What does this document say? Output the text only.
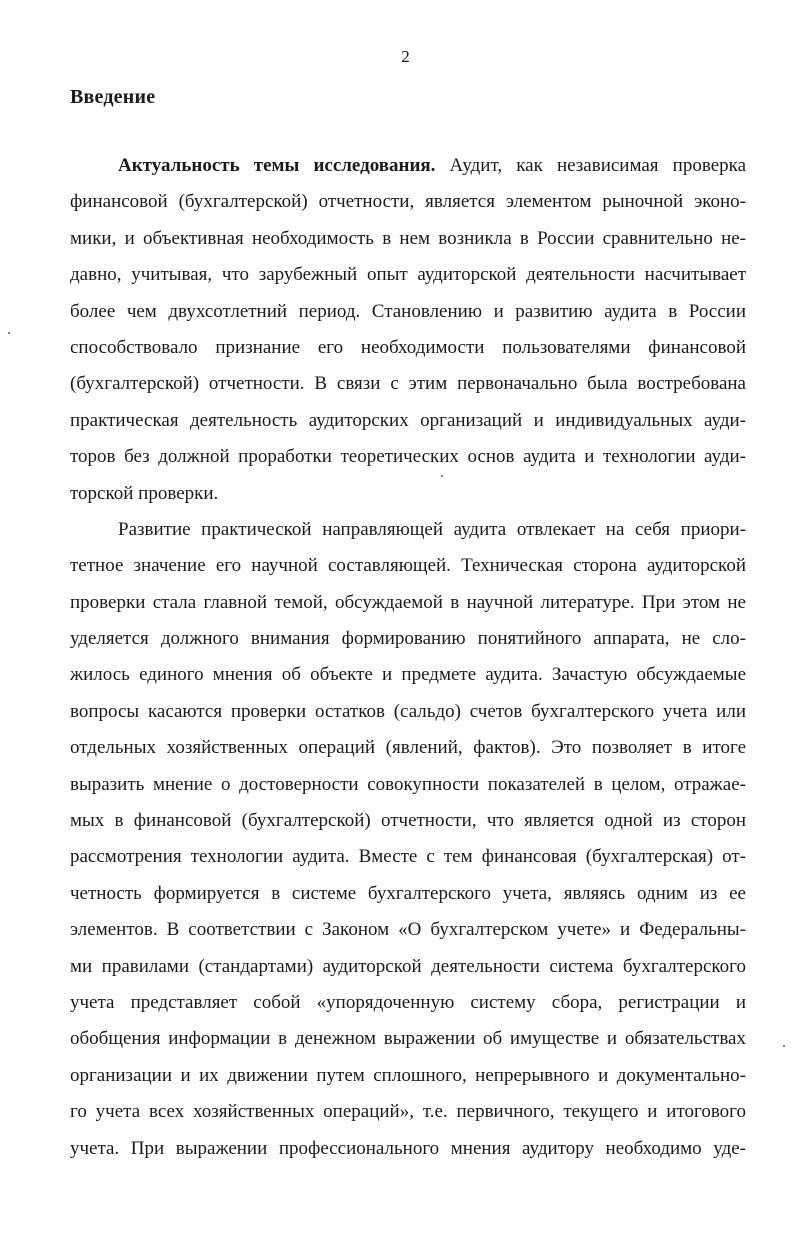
2
Введение
Актуальность темы исследования. Аудит, как независимая проверка
финансовой (бухгалтерской) отчетности, является элементом рыночной эконо-
мики, и объективная необходимость в нем возникла в России сравнительно не-
давно, учитывая, что зарубежный опыт аудиторской деятельности насчитывает
более чем двухсотлетний период. Становлению и развитию аудита в России
способствовало признание его необходимости пользователями финансовой
(бухгалтерской) отчетности. В связи с этим первоначально была востребована
практическая деятельность аудиторских организаций и индивидуальных ауди-
торов без должной проработки теоретических основ аудита и технологии ауди-
торской проверки.
Развитие практической направляющей аудита отвлекает на себя приори-
тетное значение его научной составляющей. Техническая сторона аудиторской
проверки стала главной темой, обсуждаемой в научной литературе. При этом не
уделяется должного внимания формированию понятийного аппарата, не сло-
жилось единого мнения об объекте и предмете аудита. Зачастую обсуждаемые
вопросы касаются проверки остатков (сальдо) счетов бухгалтерского учета или
отдельных хозяйственных операций (явлений, фактов). Это позволяет в итоге
выразить мнение о достоверности совокупности показателей в целом, отражае-
мых в финансовой (бухгалтерской) отчетности, что является одной из сторон
рассмотрения технологии аудита. Вместе с тем финансовая (бухгалтерская) от-
четность формируется в системе бухгалтерского учета, являясь одним из ее
элементов. В соответствии с Законом «О бухгалтерском учете» и Федеральны-
ми правилами (стандартами) аудиторской деятельности система бухгалтерского
учета представляет собой «упорядоченную систему сбора, регистрации и
обобщения информации в денежном выражении об имуществе и обязательствах
организации и их движении путем сплошного, непрерывного и документально-
го учета всех хозяйственных операций», т.е. первичного, текущего и итогового
учета. При выражении профессионального мнения аудитору необходимо уде-
